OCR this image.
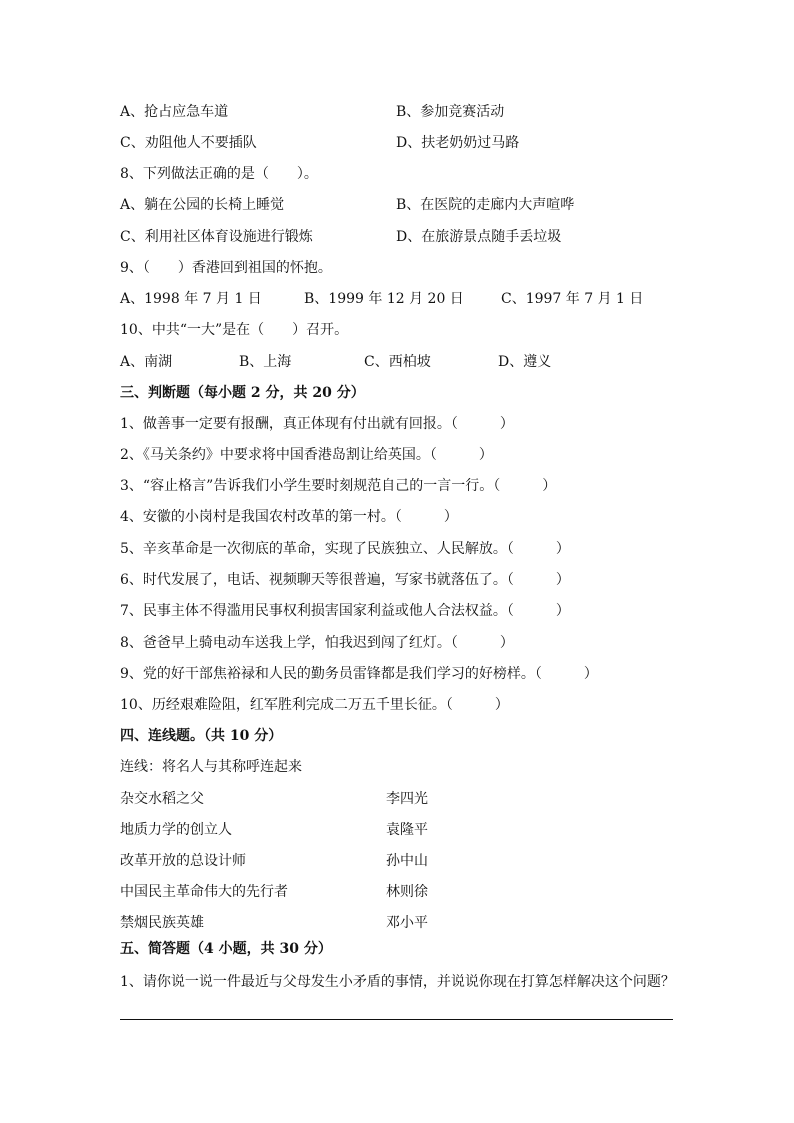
A、抢占应急车道	B、参加竞赛活动
C、劝阻他人不要插队	D、扶老奶奶过马路
8、下列做法正确的是（　　）。
A、躺在公园的长椅上睡觉	B、在医院的走廊内大声喧哗
C、利用社区体育设施进行锻炼	D、在旅游景点随手丢垃圾
9、（　　）香港回到祖国的怀抱。
A、1998 年 7 月 1 日	B、1999 年 12 月 20 日	C、1997 年 7 月 1 日
10、中共“一大”是在（　　）召开。
A、南湖	B、上海	C、西柏坡	D、遵义
三、判断题（每小题 2 分，共 20 分）
1、做善事一定要有报酬，真正体现有付出就有回报。（　　　）
2、《马关条约》中要求将中国香港岛割让给英国。（　　　）
3、“容止格言”告诉我们小学生要时刻规范自己的一言一行。（　　　）
4、安徽的小岗村是我国农村改革的第一村。（　　　）
5、辛亥革命是一次彻底的革命，实现了民族独立、人民解放。（　　　）
6、时代发展了，电话、视频聊天等很普遍，写家书就落伍了。（　　　）
7、民事主体不得滥用民事权利损害国家利益或他人合法权益。（　　　）
8、爸爸早上骑电动车送我上学，怕我迟到闯了红灯。（　　　）
9、党的好干部焦裕禄和人民的勤务员雷锋都是我们学习的好榜样。（　　　）
10、历经艰难险阻，红军胜利完成二万五千里长征。（　　　）
四、连线题。（共 10 分）
连线：将名人与其称呼连起来
杂交水稻之父	李四光
地质力学的创立人	袁隆平
改革开放的总设计师	孙中山
中国民主革命伟大的先行者	林则徐
禁烟民族英雄	邓小平
五、简答题（4 小题，共 30 分）
1、请你说一说一件最近与父母发生小矛盾的事情，并说说你现在打算怎样解决这个问题？
